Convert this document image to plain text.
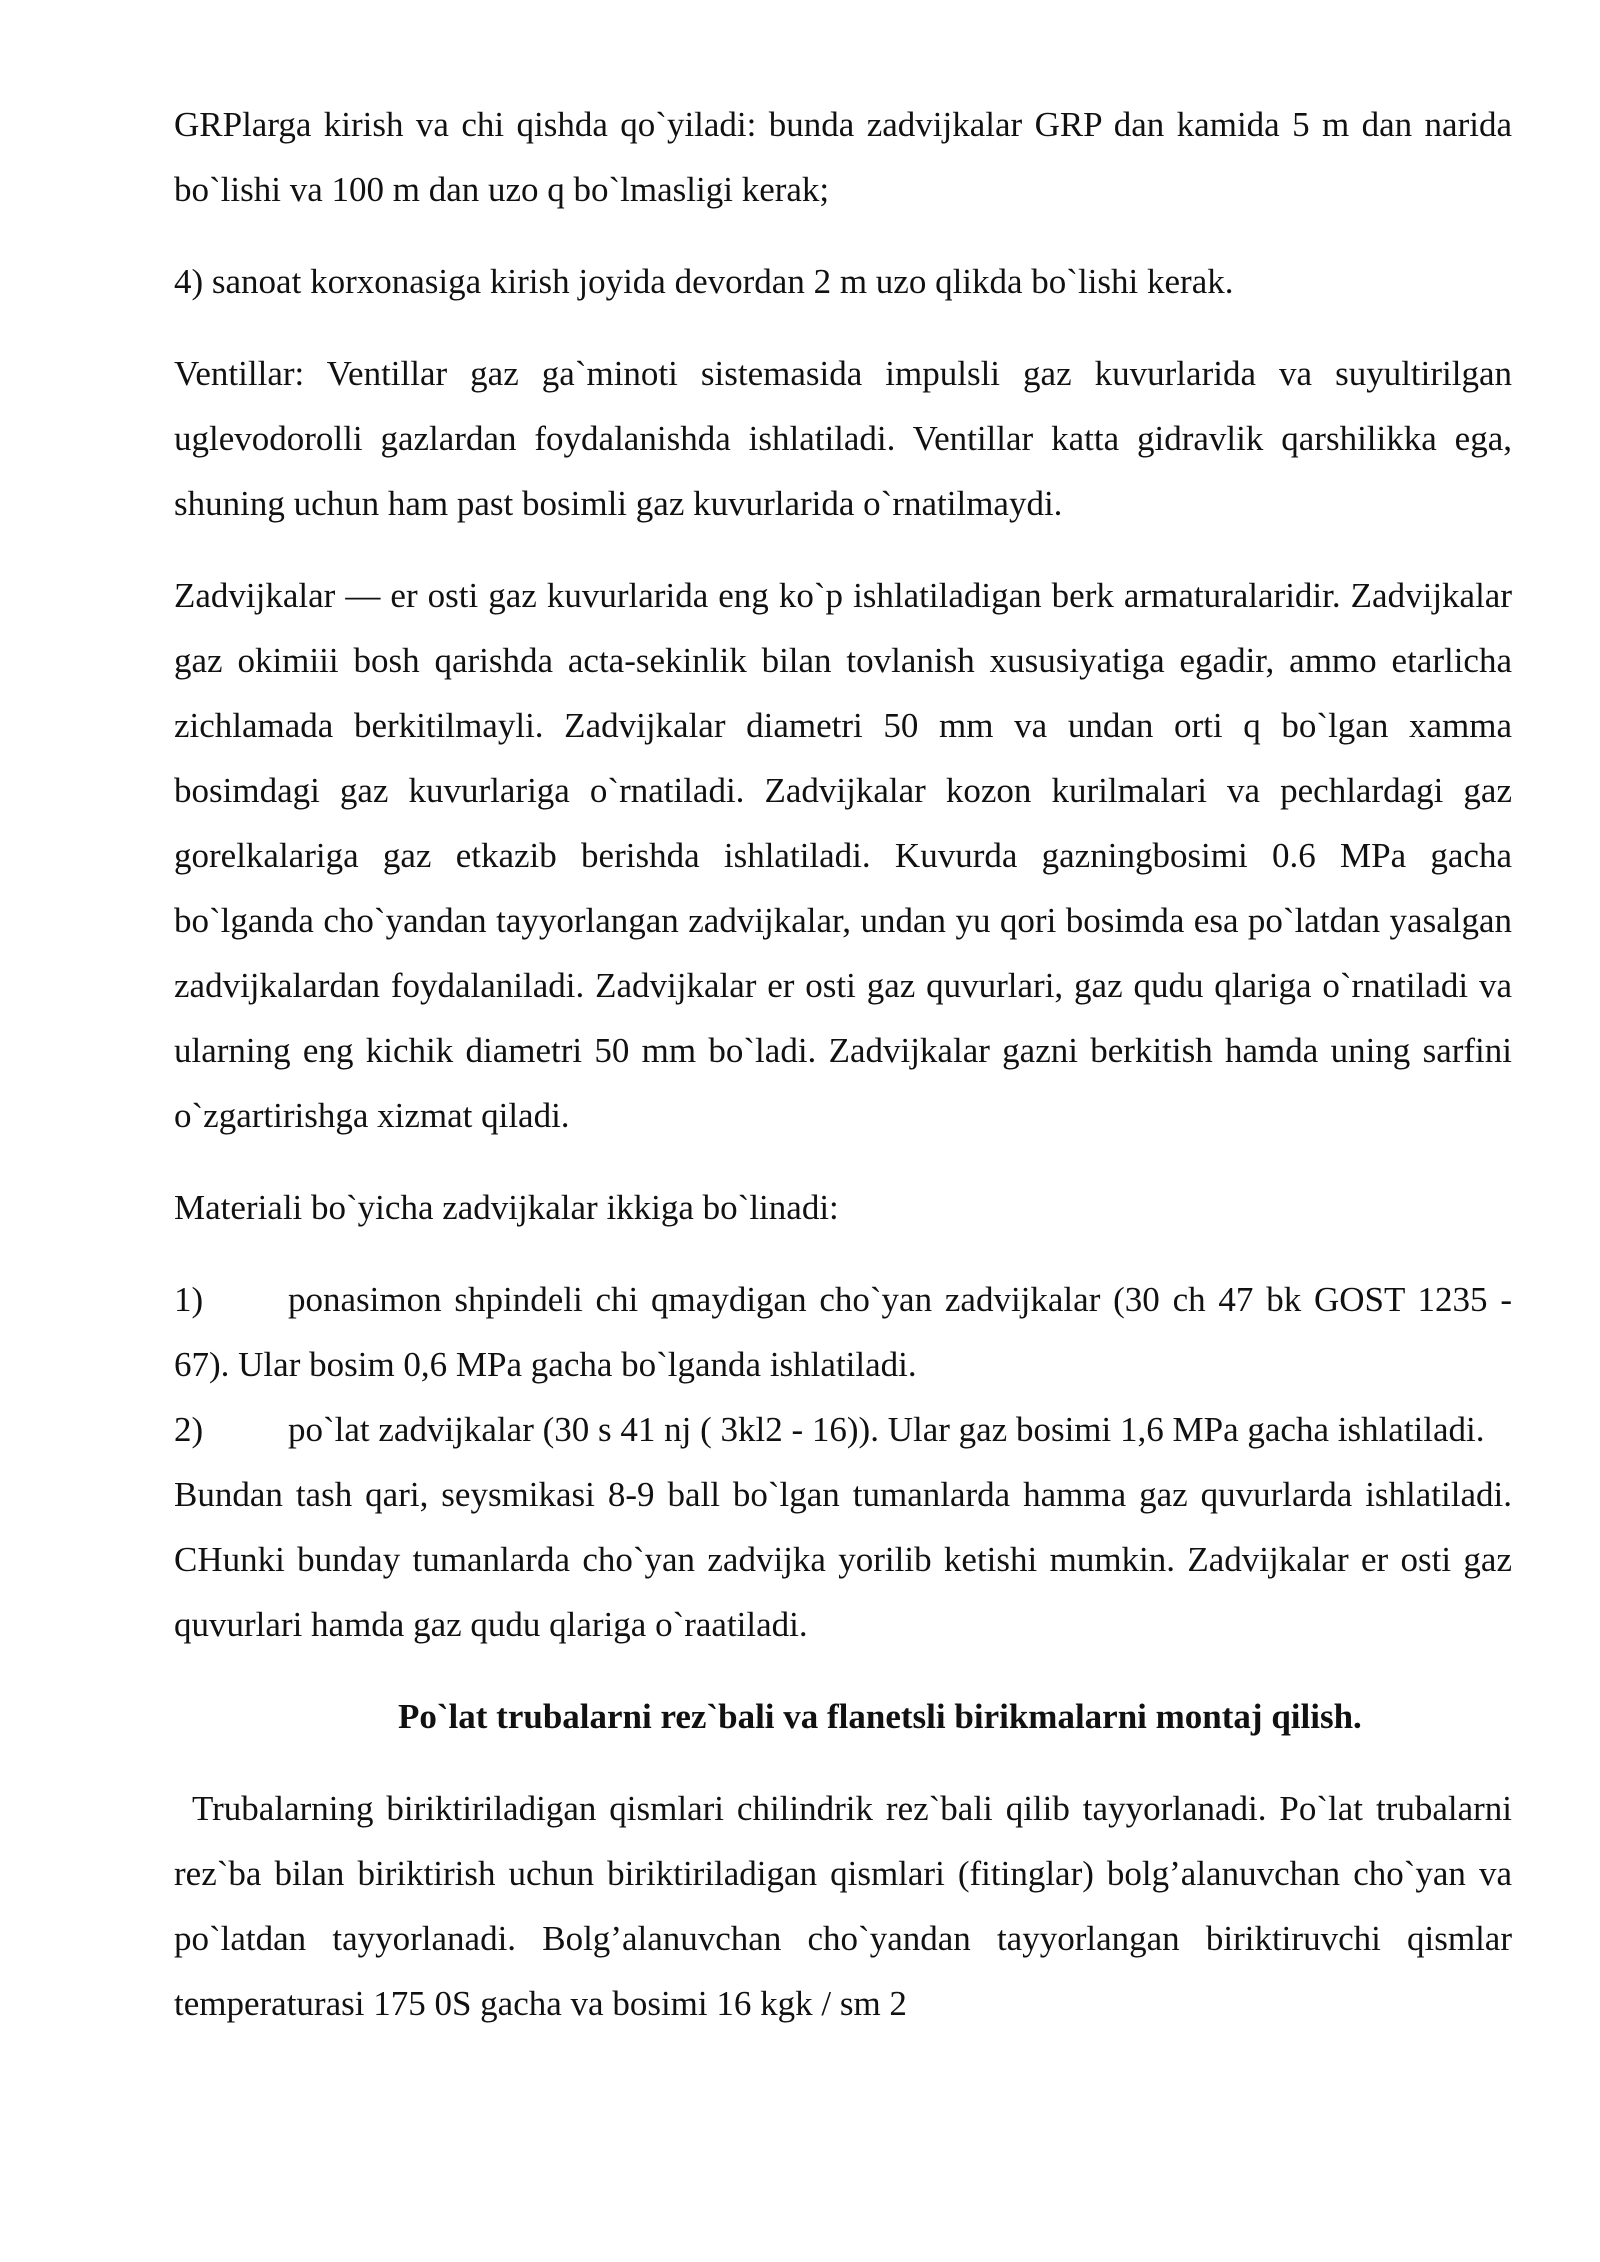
GRPlarga kirish va chi qishda qo`yiladi: bunda zadvijkalar GRP dan kamida 5 m dan narida bo`lishi va 100 m dan uzo q bo`lmasligi kerak;

4) sanoat korxonasiga kirish joyida devordan 2 m uzo qlikda bo`lishi kerak.

Ventillar: Ventillar gaz ga`minoti sistemasida impulsli gaz kuvurlarida va suyultirilgan uglevodorolli gazlardan foydalanishda ishlatiladi. Ventillar katta gidravlik qarshilikka ega, shuning uchun ham past bosimli gaz kuvurlarida o`rnatilmaydi.

Zadvijkalar — er osti gaz kuvurlarida eng ko`p ishlatiladigan berk armaturalaridir. Zadvijkalar gaz okimiii bosh qarishda acta-sekinlik bilan tovlanish xususiyatiga egadir, ammo etarlicha zichlamada berkitilmayli. Zadvijkalar diametri 50 mm va undan orti q bo`lgan xamma bosimdagi gaz kuvurlariga o`rnatiladi. Zadvijkalar kozon kurilmalari va pechlardagi gaz gorelkalariga gaz etkazib berishda ishlatiladi. Kuvurda gazningbosimi 0.6 MPa gacha bo`lganda cho`yandan tayyorlangan zadvijkalar, undan yu qori bosimda esa po`latdan yasalgan zadvijkalardan foydalaniladi. Zadvijkalar er osti gaz quvurlari, gaz qudu qlariga o`rnatiladi va ularning eng kichik diametri 50 mm bo`ladi. Zadvijkalar gazni berkitish hamda uning sarfini o`zgartirishga xizmat qiladi.

Materiali bo`yicha zadvijkalar ikkiga bo`linadi:

1) ponasimon shpindeli chi qmaydigan cho`yan zadvijkalar (30 ch 47 bk GOST 1235 - 67). Ular bosim 0,6 MPa gacha bo`lganda ishlatiladi.

2) po`lat zadvijkalar (30 s 41 nj ( 3kl2 - 16)). Ular gaz bosimi 1,6 MPa gacha ishlatiladi.

Bundan tash qari, seysmikasi 8-9 ball bo`lgan tumanlarda hamma gaz quvurlarda ishlatiladi. CHunki bunday tumanlarda cho`yan zadvijka yorilib ketishi mumkin. Zadvijkalar er osti gaz quvurlari hamda gaz qudu qlariga o`raatiladi.

Po`lat trubalarni rez`bali va flanetsli birikmalarni montaj qilish.

Trubalarning biriktiriladigan qismlari chilindrik rez`bali qilib tayyorlanadi. Po`lat trubalarni rez`ba bilan biriktirish uchun biriktiriladigan qismlari (fitinglar) bolg’alanuvchan cho`yan va po`latdan tayyorlanadi. Bolg’alanuvchan cho`yandan tayyorlangan biriktiruvchi qismlar temperaturasi 175 0S gacha va bosimi 16 kgk / sm 2
